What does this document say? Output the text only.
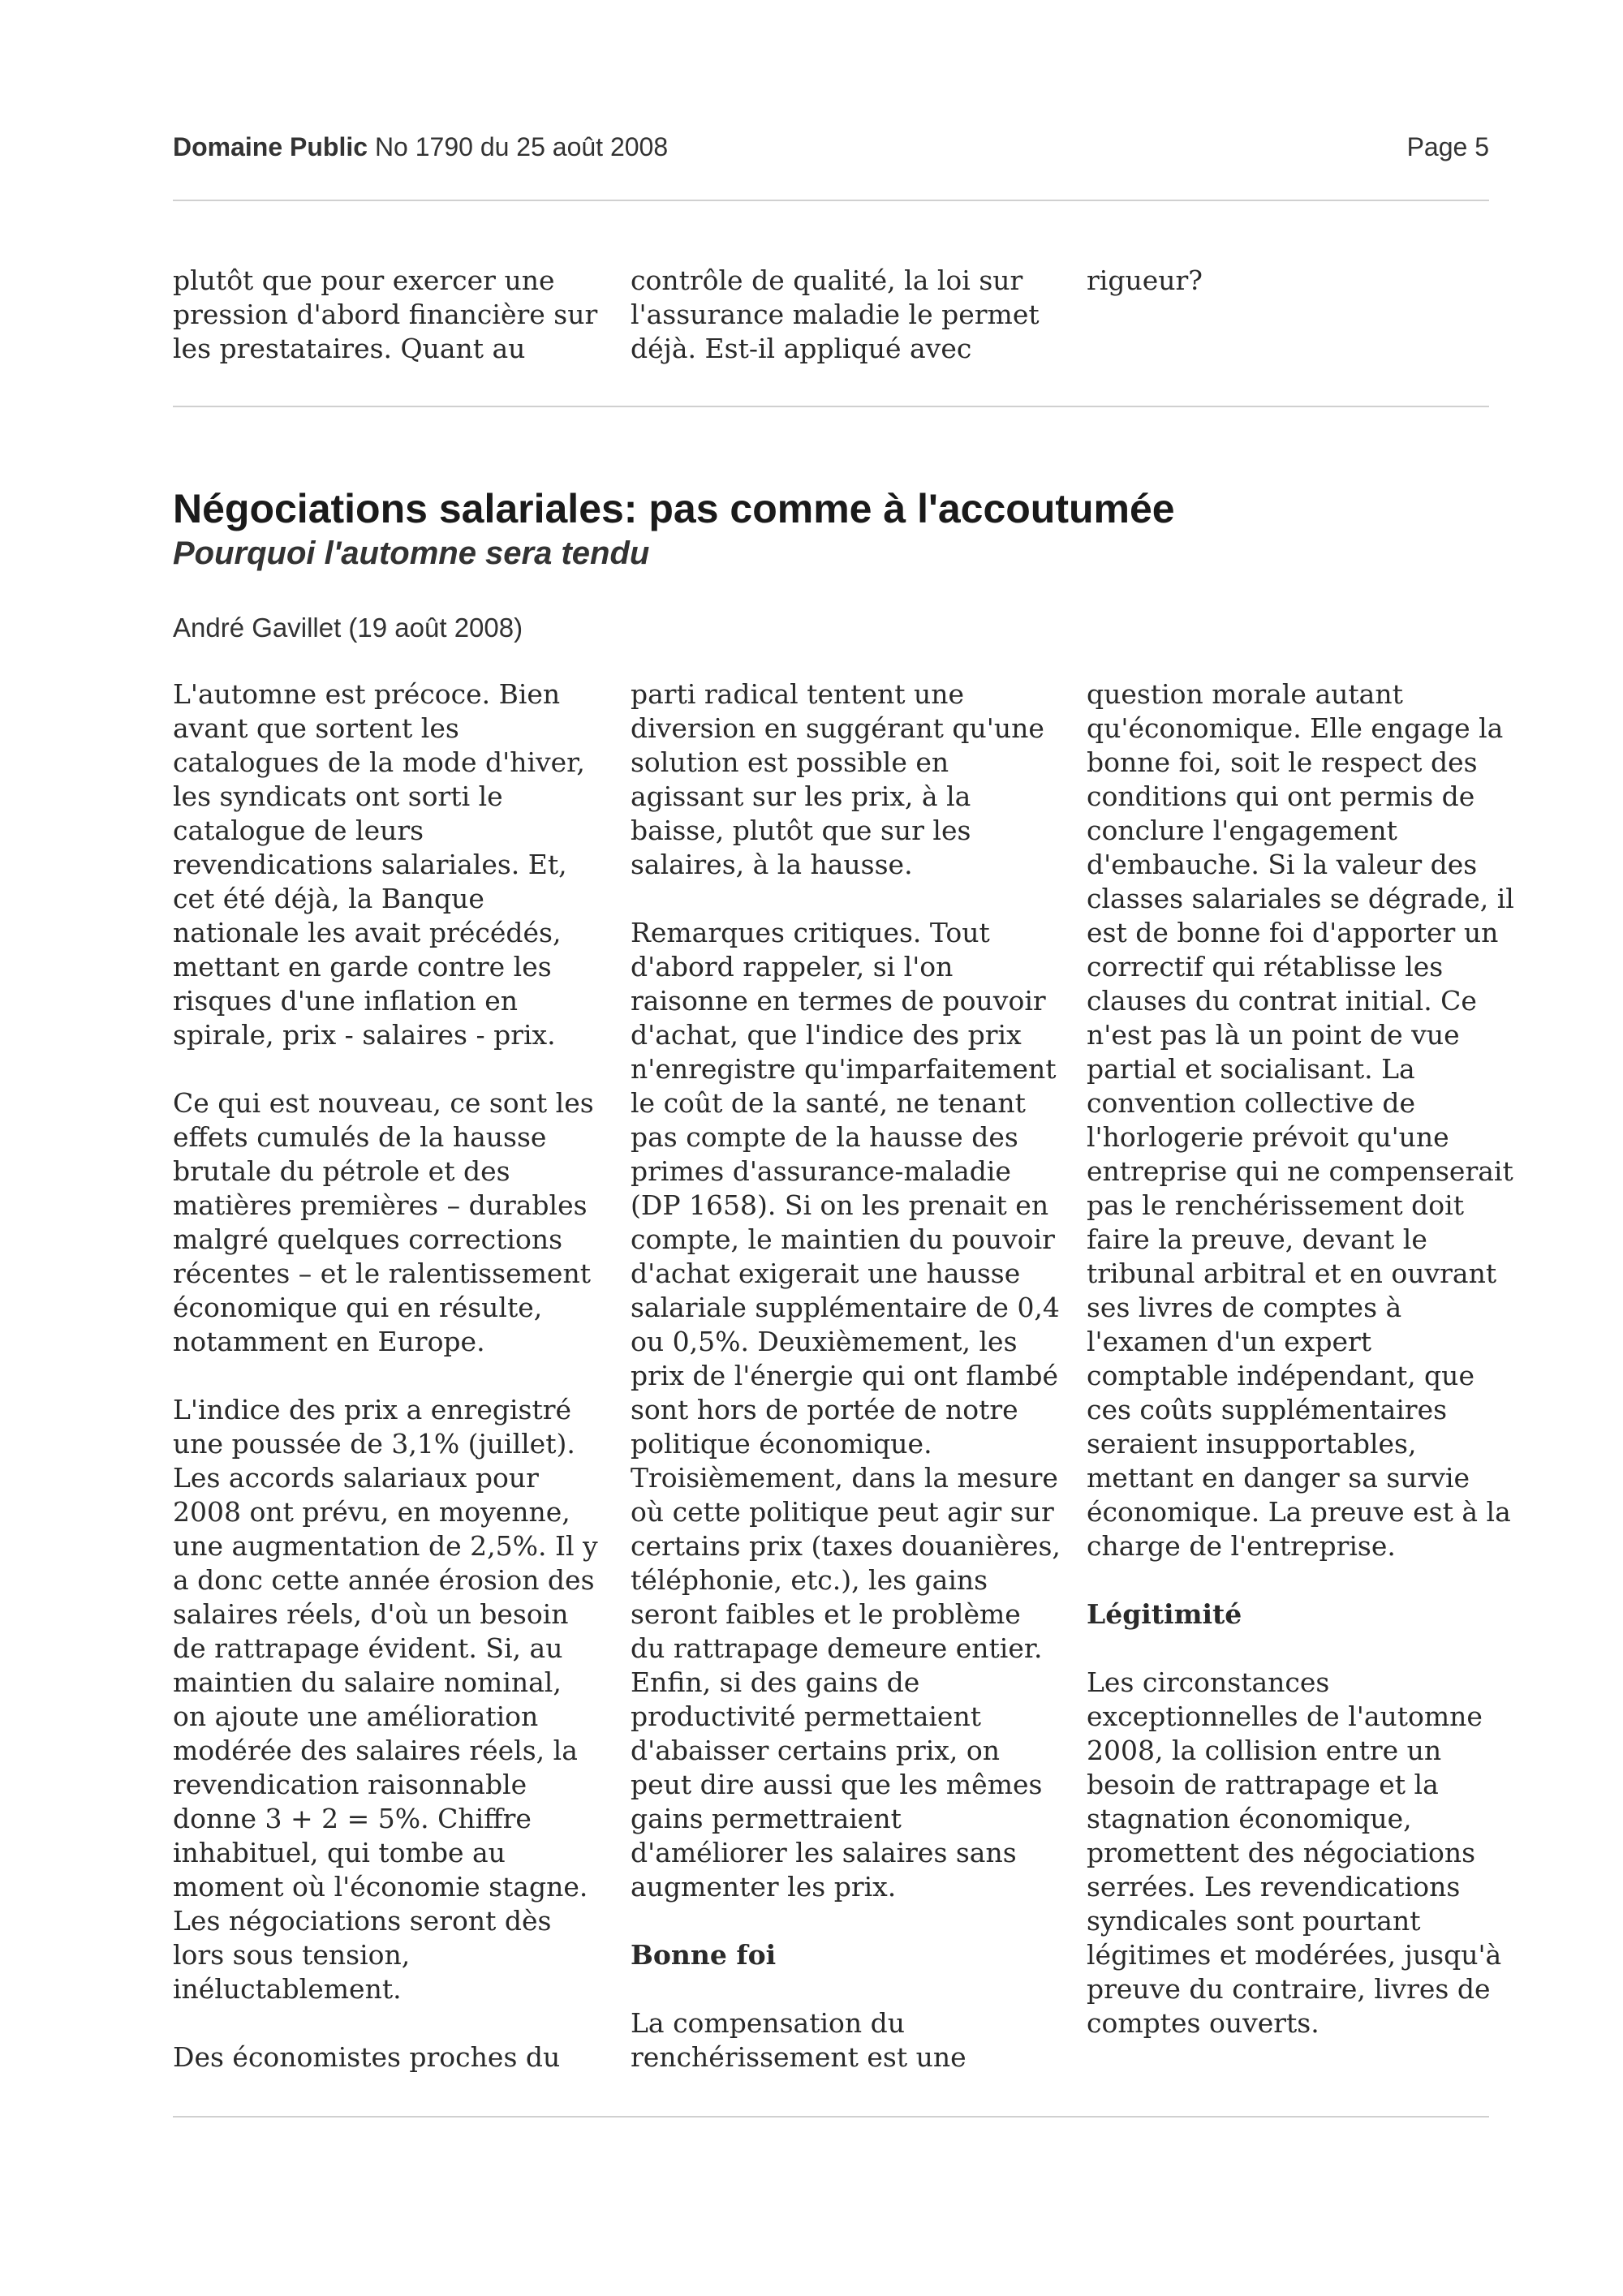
Domaine Public No 1790 du 25 août 2008	Page 5

plutôt que pour exercer une pression d'abord financière sur les prestataires. Quant au

contrôle de qualité, la loi sur l'assurance maladie le permet déjà. Est-il appliqué avec

rigueur?

Négociations salariales: pas comme à l'accoutumée
Pourquoi l'automne sera tendu
André Gavillet (19 août 2008)

L'automne est précoce. Bien avant que sortent les catalogues de la mode d'hiver, les syndicats ont sorti le catalogue de leurs revendications salariales. Et, cet été déjà, la Banque nationale les avait précédés, mettant en garde contre les risques d'une inflation en spirale, prix - salaires - prix.

Ce qui est nouveau, ce sont les effets cumulés de la hausse brutale du pétrole et des matières premières – durables malgré quelques corrections récentes – et le ralentissement économique qui en résulte, notamment en Europe.

L'indice des prix a enregistré une poussée de 3,1% (juillet). Les accords salariaux pour 2008 ont prévu, en moyenne, une augmentation de 2,5%. Il y a donc cette année érosion des salaires réels, d'où un besoin de rattrapage évident. Si, au maintien du salaire nominal, on ajoute une amélioration modérée des salaires réels, la revendication raisonnable donne 3 + 2 = 5%. Chiffre inhabituel, qui tombe au moment où l'économie stagne. Les négociations seront dès lors sous tension, inéluctablement.

Des économistes proches du

parti radical tentent une diversion en suggérant qu'une solution est possible en agissant sur les prix, à la baisse, plutôt que sur les salaires, à la hausse.

Remarques critiques. Tout d'abord rappeler, si l'on raisonne en termes de pouvoir d'achat, que l'indice des prix n'enregistre qu'imparfaitement le coût de la santé, ne tenant pas compte de la hausse des primes d'assurance-maladie (DP 1658). Si on les prenait en compte, le maintien du pouvoir d'achat exigerait une hausse salariale supplémentaire de 0,4 ou 0,5%. Deuxièmement, les prix de l'énergie qui ont flambé sont hors de portée de notre politique économique. Troisièmement, dans la mesure où cette politique peut agir sur certains prix (taxes douanières, téléphonie, etc.), les gains seront faibles et le problème du rattrapage demeure entier. Enfin, si des gains de productivité permettaient d'abaisser certains prix, on peut dire aussi que les mêmes gains permettraient d'améliorer les salaires sans augmenter les prix.

Bonne foi

La compensation du renchérissement est une

question morale autant qu'économique. Elle engage la bonne foi, soit le respect des conditions qui ont permis de conclure l'engagement d'embauche. Si la valeur des classes salariales se dégrade, il est de bonne foi d'apporter un correctif qui rétablisse les clauses du contrat initial. Ce n'est pas là un point de vue partial et socialisant. La convention collective de l'horlogerie prévoit qu'une entreprise qui ne compenserait pas le renchérissement doit faire la preuve, devant le tribunal arbitral et en ouvrant ses livres de comptes à l'examen d'un expert comptable indépendant, que ces coûts supplémentaires seraient insupportables, mettant en danger sa survie économique. La preuve est à la charge de l'entreprise.

Légitimité

Les circonstances exceptionnelles de l'automne 2008, la collision entre un besoin de rattrapage et la stagnation économique, promettent des négociations serrées. Les revendications syndicales sont pourtant légitimes et modérées, jusqu'à preuve du contraire, livres de comptes ouverts.
